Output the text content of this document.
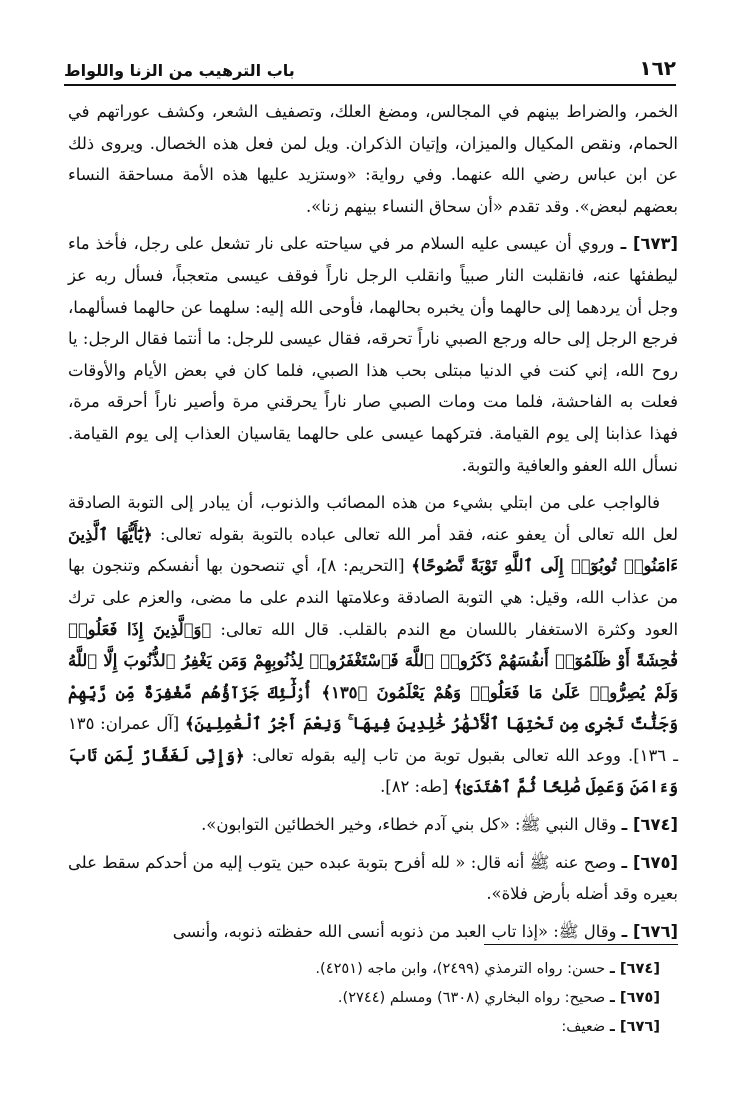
١٦٢
باب الترهيب من الزنا واللواط

الخمر، والضراط بينهم في المجالس، ومضغ العلك، وتصفيف الشعر، وكشف عوراتهم في الحمام، ونقص المكيال والميزان، وإتيان الذكران. ويل لمن فعل هذه الخصال. ويروى ذلك عن ابن عباس رضي الله عنهما. وفي رواية: «وستزيد عليها هذه الأمة مساحقة النساء بعضهم لبعض». وقد تقدم «أن سحاق النساء بينهم زنا».

[٦٧٣] ـ وروي أن عيسى عليه السلام مر في سياحته على نار تشعل على رجل، فأخذ ماء ليطفئها عنه، فانقلبت النار صبياً وانقلب الرجل ناراً فوقف عيسى متعجباً، فسأل ربه عز وجل أن يردهما إلى حالهما وأن يخبره بحالهما، فأوحى الله إليه: سلهما عن حالهما فسألهما، فرجع الرجل إلى حاله ورجع الصبي ناراً تحرقه، فقال عيسى للرجل: ما أنتما فقال الرجل: يا روح الله، إني كنت في الدنيا مبتلى بحب هذا الصبي، فلما كان في بعض الأيام والأوقات فعلت به الفاحشة، فلما مت ومات الصبي صار ناراً يحرقني مرة وأصير ناراً أحرقه مرة، فهذا عذابنا إلى يوم القيامة. فتركهما عيسى على حالهما يقاسيان العذاب إلى يوم القيامة. نسأل الله العفو والعافية والتوبة.

فالواجب على من ابتلي بشيء من هذه المصائب والذنوب، أن يبادر إلى التوبة الصادقة لعل الله تعالى أن يعفو عنه، فقد أمر الله تعالى عباده بالتوبة بقوله تعالى: ﴿يَٰٓأَيُّهَا ٱلَّذِينَ ءَامَنُوا۟ تُوبُوٓا۟ إِلَى ٱللَّهِ تَوْبَةً نَّصُوحًا﴾ [التحريم: ٨]، أي تنصحون بها أنفسكم وتنجون بها من عذاب الله، وقيل: هي التوبة الصادقة وعلامتها الندم على ما مضى، والعزم على ترك العود وكثرة الاستغفار باللسان مع الندم بالقلب. قال الله تعالى: ﴿وَٱلَّذِينَ إِذَا فَعَلُوا۟ فَٰحِشَةً أَوْ ظَلَمُوٓا۟ أَنفُسَهُمْ ذَكَرُوا۟ ٱللَّهَ فَٱسْتَغْفَرُوا۟ لِذُنُوبِهِمْ وَمَن يَغْفِرُ ٱلذُّنُوبَ إِلَّا ٱللَّهُ وَلَمْ يُصِرُّوا۟ عَلَىٰ مَا فَعَلُوا۟ وَهُمْ يَعْلَمُونَ ﴿١٣٥﴾ أُو۟لَٰٓئِكَ جَزَآؤُهُم مَّغْفِرَةٌ مِّن رَّبِّهِمْ وَجَنَّٰتٌ تَجْرِى مِن تَحْتِهَا ٱلْأَنْهَٰرُ خَٰلِدِينَ فِيهَا ۚ وَنِعْمَ أَجْرُ ٱلْعَٰمِلِينَ﴾ [آل عمران: ١٣٥ ـ ١٣٦]. ووعد الله تعالى بقبول توبة من تاب إليه بقوله تعالى: ﴿وَإِنِّى لَغَفَّارٌ لِّمَن تَابَ وَءَامَنَ وَعَمِلَ صَٰلِحًا ثُمَّ ٱهْتَدَىٰ﴾ [طه: ٨٢].

[٦٧٤] ـ وقال النبي ﷺ: «كل بني آدم خطاء، وخير الخطائين التوابون».

[٦٧٥] ـ وصح عنه ﷺ أنه قال: « لله أفرح بتوبة عبده حين يتوب إليه من أحدكم سقط على بعيره وقد أضله بأرض فلاة».

[٦٧٦] ـ وقال ﷺ: «إذا تاب العبد من ذنوبه أنسى الله حفظته ذنوبه، وأنسى

[٦٧٤] ـ حسن: رواه الترمذي (٢٤٩٩)، وابن ماجه (٤٢٥١).

[٦٧٥] ـ صحيح: رواه البخاري (٦٣٠٨) ومسلم (٢٧٤٤).

[٦٧٦] ـ ضعيف:
